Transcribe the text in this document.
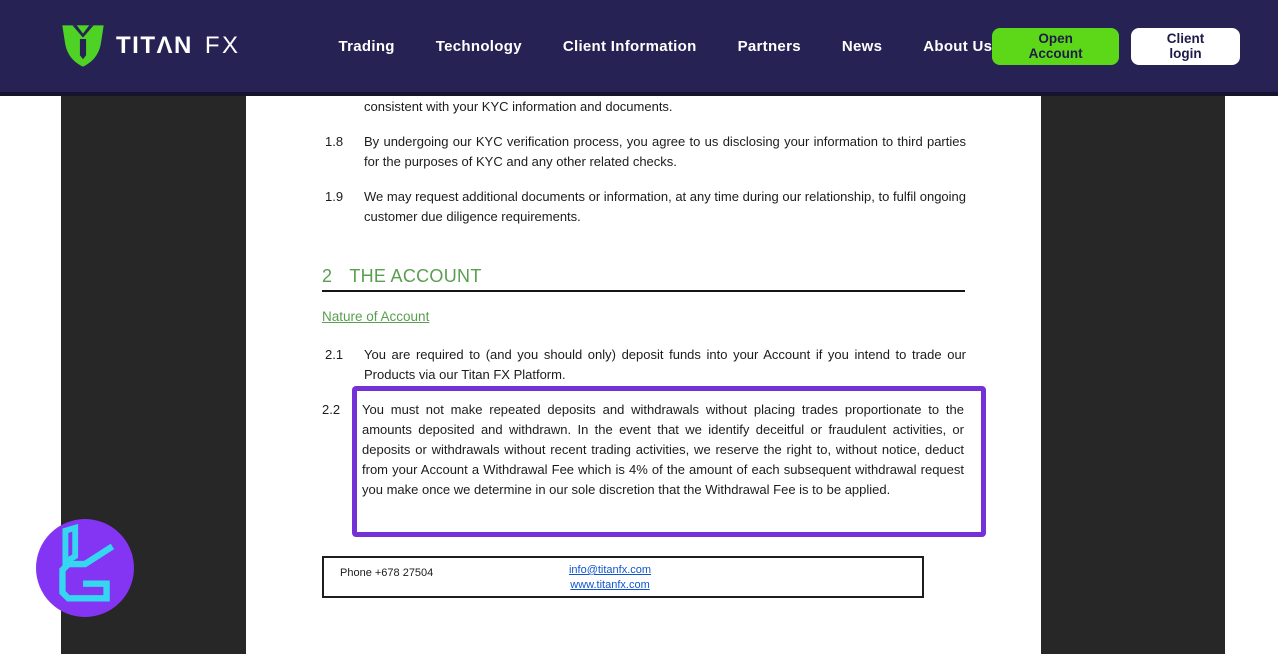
TITΛN FX	Trading	Technology	Client Information	Partners	News	About Us	Open Account
Client login
consistent with your KYC information and documents.
1.8	By undergoing our KYC verification process, you agree to us disclosing your information to third parties for the purposes of KYC and any other related checks.
1.9	We may request additional documents or information, at any time during our relationship, to fulfil ongoing customer due diligence requirements.
2 THE ACCOUNT
Nature of Account
2.1	You are required to (and you should only) deposit funds into your Account if you intend to trade our Products via our Titan FX Platform.
2.2	You must not make repeated deposits and withdrawals without placing trades proportionate to the amounts deposited and withdrawn. In the event that we identify deceitful or fraudulent activities, or deposits or withdrawals without recent trading activities, we reserve the right to, without notice, deduct from your Account a Withdrawal Fee which is 4% of the amount of each subsequent withdrawal request you make once we determine in our sole discretion that the Withdrawal Fee is to be applied.
Phone +678 27504	info@titanfx.com
www.titanfx.com
